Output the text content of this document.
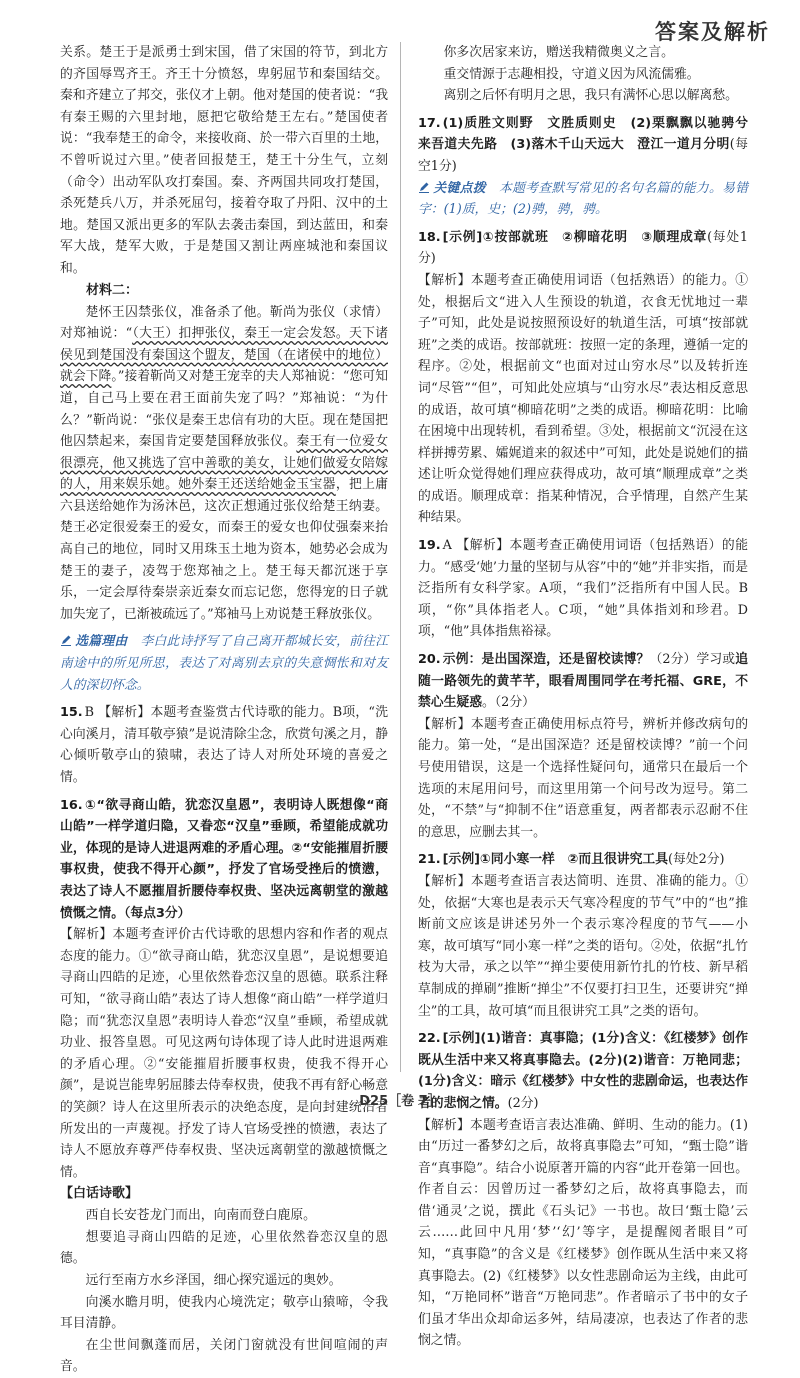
答案及解析

关系。楚王于是派勇士到宋国，借了宋国的符节，到北方的齐国辱骂齐王。齐王十分愤怒，卑躬屈节和秦国结交。秦和齐建立了邦交，张仪才上朝。他对楚国的使者说：“我有秦王赐的六里封地，愿把它敬给楚王左右。”楚国使者说：“我奉楚王的命令，来接收商、於一带六百里的土地，不曾听说过六里。”使者回报楚王，楚王十分生气，立刻（命令）出动军队攻打秦国。秦、齐两国共同攻打楚国，杀死楚兵八万，并杀死屈匄，接着夺取了丹阳、汉中的土地。楚国又派出更多的军队去袭击秦国，到达蓝田，和秦军大战，楚军大败，于是楚国又割让两座城池和秦国议和。

材料二：

楚怀王囚禁张仪，准备杀了他。靳尚为张仪（求情）对郑袖说：“（大王）扣押张仪，秦王一定会发怒。天下诸侯见到楚国没有秦国这个盟友，楚国（在诸侯中的地位）就会下降。”接着靳尚又对楚王宠幸的夫人郑袖说：“您可知道，自己马上要在君王面前失宠了吗？”郑袖说：“为什么？”靳尚说：“张仪是秦王忠信有功的大臣。现在楚国把他囚禁起来，秦国肯定要楚国释放张仪。秦王有一位爱女很漂亮，他又挑选了宫中善歌的美女，让她们做爱女陪嫁的人，用来娱乐她。她外秦王还送给她金玉宝器，把上庸六县送给她作为汤沐邑，这次正想通过张仪给楚王纳妻。楚王必定很爱秦王的爱女，而秦王的爱女也仰仗强秦来抬高自己的地位，同时又用珠玉土地为资本，她势必会成为楚王的妻子，凌驾于您郑袖之上。楚王每天都沉迷于享乐，一定会厚待秦崇亲近秦女而忘记您，您得宠的日子就加失宠了，已渐被疏远了。”郑袖马上劝说楚王释放张仪。

选篇理由　 李白此诗抒写了自己离开都城长安，前往江南途中的所见所思，表达了对离别去京的失意惆怅和对友人的深切怀念。

15. B 【解析】本题考查鉴赏古代诗歌的能力。B项，“洗心向溪月，清耳敬亭猿”是说清除尘念，欣赏句溪之月，静心倾听敬亭山的猿啸，表达了诗人对所处环境的喜爱之情。

16. ①“欲寻商山皓，犹恋汉皇恩”，表明诗人既想像“商山皓”一样学道归隐，又眷恋“汉皇”垂顾，希望能成就功业，体现的是诗人进退两难的矛盾心理。②“安能摧眉折腰事权贵，使我不得开心颜”，抒发了官场受挫后的愤懑，表达了诗人不愿摧眉折腰侍奉权贵、坚决远离朝堂的激越愤慨之情。（每点3分）

【解析】本题考查评价古代诗歌的思想内容和作者的观点态度的能力。①“欲寻商山皓，犹恋汉皇恩”，是说想要追寻商山四皓的足迹，心里依然眷恋汉皇的恩德。联系注释可知，“欲寻商山皓”表达了诗人想像“商山皓”一样学道归隐；而“犹恋汉皇恩”表明诗人眷恋“汉皇”垂顾，希望成就功业、报答皇恩。可见这两句诗体现了诗人此时进退两难的矛盾心理。②“安能摧眉折腰事权贵，使我不得开心颜”，是说岂能卑躬屈膝去侍奉权贵，使我不再有舒心畅意的笑颜？诗人在这里所表示的决绝态度，是向封建统治者所发出的一声蔑视。抒发了诗人官场受挫的愤懑，表达了诗人不愿放弃尊严侍奉权贵、坚决远离朝堂的激越愤慨之情。

【白话诗歌】

西自长安苍龙门而出，向南而登白鹿原。

想要追寻商山四皓的足迹，心里依然眷恋汉皇的恩德。

远行至南方水乡泽国，细心探究遥远的奥妙。

向溪水瞻月明，使我内心境洗定；敬亭山猿啼，令我耳目清静。

在尘世间飘蓬而居，关闭门窗就没有世间喧闹的声音。

你多次居家来访，赠送我精微奥义之言。

重交情源于志趣相投，守道义因为风流儒雅。

离别之后怀有明月之思，我只有满怀心思以解离愁。

17. (1)质胜文则野　文胜质则史　(2)栗飘飘以驰骋兮　来吾道夫先路　(3)落木千山天远大　澄江一道月分明(每空1分)

关键点拨　 本题考查默写常见的名句名篇的能力。易错字：(1)质，史；(2)骋，骋，骋。

18. [示例]①按部就班　②柳暗花明　③顺理成章(每处1分)

【解析】本题考查正确使用词语（包括熟语）的能力。①处，根据后文“进入人生预设的轨道，衣食无忧地过一辈子”可知，此处是说按照预设好的轨道生活，可填“按部就班”之类的成语。按部就班：按照一定的条理，遵循一定的程序。②处，根据前文“也面对过山穷水尽”以及转折连词“尽管”“但”，可知此处应填与“山穷水尽”表达相反意思的成语，故可填“柳暗花明”之类的成语。柳暗花明：比喻在困境中出现转机，看到希望。③处，根据前文“沉浸在这样拼搏劳累、孀娓道来的叙述中”可知，此处是说她们的描述让听众觉得她们理应获得成功，故可填“顺理成章”之类的成语。顺理成章：指某种情况，合乎情理，自然产生某种结果。

19. A 【解析】本题考查正确使用词语（包括熟语）的能力。“感受‘她’力量的坚韧与从容”中的“她”并非实指，而是泛指所有女科学家。A项，“我们”泛指所有中国人民。B项，“你”具体指老人。C项，“她”具体指刘和珍君。D项，“他”具体指焦裕禄。

20. 示例：是出国深造，还是留校读博？（2分）学习或追随一路领先的黄芊芊，眼看周围同学在考托福、GRE，不禁心生疑惑。（2分）

【解析】本题考查正确使用标点符号，辨析并修改病句的能力。第一处，“是出国深造？还是留校读博？”前一个问号使用错误，这是一个选择性疑问句，通常只在最后一个选项的末尾用问号，而这里用第一个问号改为逗号。第二处，“不禁”与“抑制不住”语意重复，两者都表示忍耐不住的意思，应删去其一。

21. [示例]①同小寒一样　②而且很讲究工具(每处2分)

【解析】本题考查语言表达简明、连贯、准确的能力。①处，依据“大寒也是表示天气寒冷程度的节气”中的“也”推断前文应该是讲述另外一个表示寒冷程度的节气——小寒，故可填写“同小寒一样”之类的语句。②处，依据“扎竹枝为大帚，承之以竿”“掸尘要使用新竹扎的竹枝、新早稻草制成的掸刷”推断“掸尘”不仅要打扫卫生，还要讲究“掸尘”的工具，故可填“而且很讲究工具”之类的语句。

22. [示例](1)谐音：真事隐；(1分)含义：《红楼梦》创作既从生活中来又将真事隐去。(2分)(2)谐音：万艳同悲；(1分)含义：暗示《红楼梦》中女性的悲剧命运，也表达作者的悲悯之情。(2分)

【解析】本题考查语言表达准确、鲜明、生动的能力。(1)由“历过一番梦幻之后，故将真事隐去”可知，“甄士隐”谐音“真事隐”。结合小说原著开篇的内容“此开卷第一回也。作者自云：因曾历过一番梦幻之后，故将真事隐去，而借‘通灵’之说，撰此《石头记》一书也。故曰‘甄士隐’云云……此回中凡用‘梦’‘幻’等字，是提醒阅者眼目”可知，“真事隐”的含义是《红楼梦》创作既从生活中来又将真事隐去。(2)《红楼梦》以女性悲剧命运为主线，由此可知，“万艳同杯”谐音“万艳同悲”。作者暗示了书中的女子们虽才华出众却命运多舛，结局凄凉，也表达了作者的悲悯之情。

D25［卷 7］
